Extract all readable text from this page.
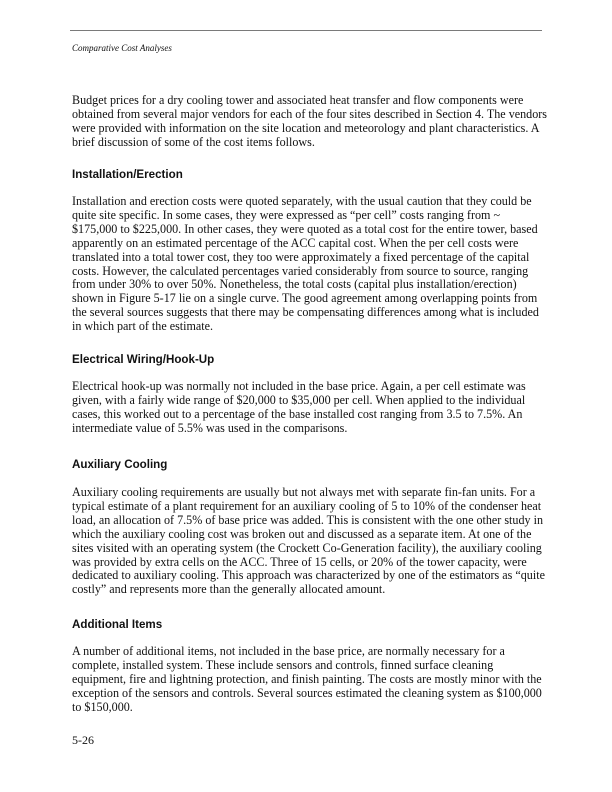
Comparative Cost Analyses

Budget prices for a dry cooling tower and associated heat transfer and flow components were obtained from several major vendors for each of the four sites described in Section 4. The vendors were provided with information on the site location and meteorology and plant characteristics. A brief discussion of some of the cost items follows.

Installation/Erection

Installation and erection costs were quoted separately, with the usual caution that they could be quite site specific. In some cases, they were expressed as “per cell” costs ranging from ~ $175,000 to $225,000. In other cases, they were quoted as a total cost for the entire tower, based apparently on an estimated percentage of the ACC capital cost. When the per cell costs were translated into a total tower cost, they too were approximately a fixed percentage of the capital costs. However, the calculated percentages varied considerably from source to source, ranging from under 30% to over 50%. Nonetheless, the total costs (capital plus installation/erection) shown in Figure 5-17 lie on a single curve. The good agreement among overlapping points from the several sources suggests that there may be compensating differences among what is included in which part of the estimate.

Electrical Wiring/Hook-Up

Electrical hook-up was normally not included in the base price. Again, a per cell estimate was given, with a fairly wide range of $20,000 to $35,000 per cell. When applied to the individual cases, this worked out to a percentage of the base installed cost ranging from 3.5 to 7.5%. An intermediate value of 5.5% was used in the comparisons.

Auxiliary Cooling

Auxiliary cooling requirements are usually but not always met with separate fin-fan units. For a typical estimate of a plant requirement for an auxiliary cooling of 5 to 10% of the condenser heat load, an allocation of 7.5% of base price was added. This is consistent with the one other study in which the auxiliary cooling cost was broken out and discussed as a separate item. At one of the sites visited with an operating system (the Crockett Co-Generation facility), the auxiliary cooling was provided by extra cells on the ACC. Three of 15 cells, or 20% of the tower capacity, were dedicated to auxiliary cooling. This approach was characterized by one of the estimators as “quite costly” and represents more than the generally allocated amount.

Additional Items

A number of additional items, not included in the base price, are normally necessary for a complete, installed system. These include sensors and controls, finned surface cleaning equipment, fire and lightning protection, and finish painting. The costs are mostly minor with the exception of the sensors and controls. Several sources estimated the cleaning system as $100,000 to $150,000.

5-26
